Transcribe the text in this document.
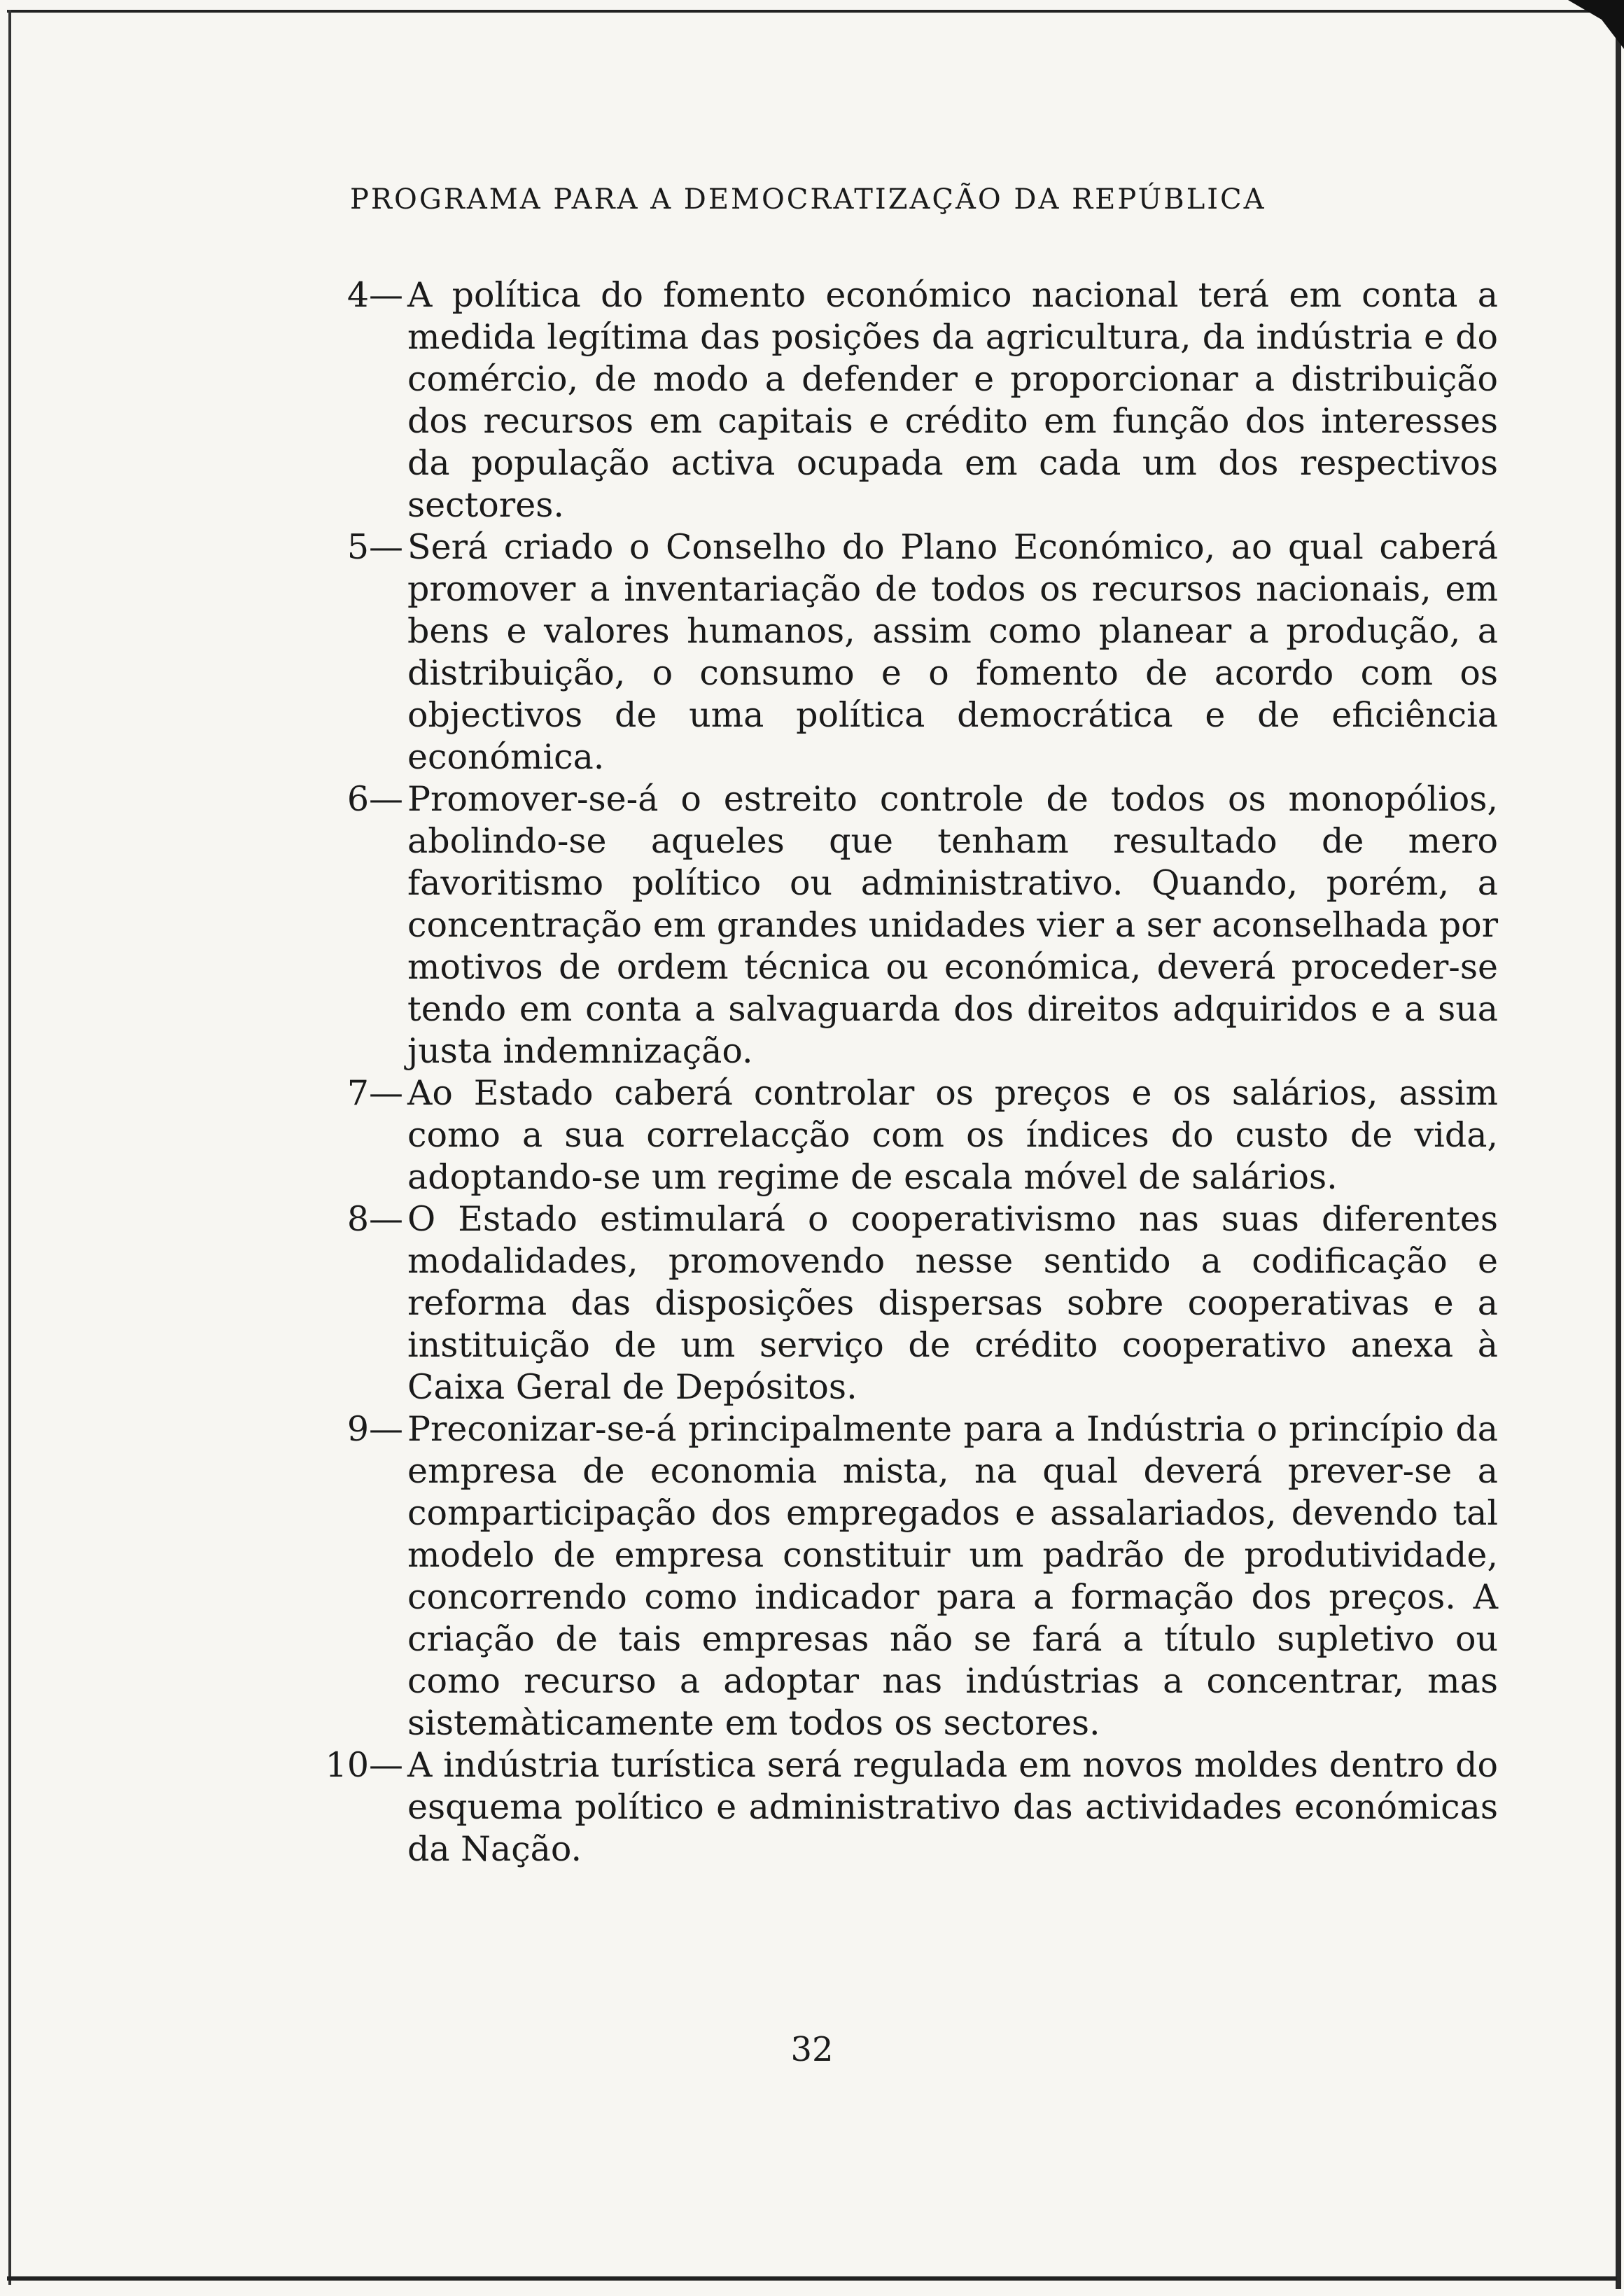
PROGRAMA PARA A DEMOCRATIZAÇÃO DA REPÚBLICA
4— A política do fomento económico nacional terá em conta a medida legítima das posições da agricultura, da indústria e do comércio, de modo a defender e proporcionar a distribuição dos recursos em capitais e crédito em função dos interesses da população activa ocupada em cada um dos respectivos sectores.
5— Será criado o Conselho do Plano Económico, ao qual caberá promover a inventariação de todos os recursos nacionais, em bens e valores humanos, assim como planear a produção, a distribuição, o consumo e o fomento de acordo com os objectivos de uma política democrática e de eficiência económica.
6— Promover-se-á o estreito controle de todos os monopólios, abolindo-se aqueles que tenham resultado de mero favoritismo político ou administrativo. Quando, porém, a concentração em grandes unidades vier a ser aconselhada por motivos de ordem técnica ou económica, deverá proceder-se tendo em conta a salvaguarda dos direitos adquiridos e a sua justa indemnização.
7— Ao Estado caberá controlar os preços e os salários, assim como a sua correlacção com os índices do custo de vida, adoptando-se um regime de escala móvel de salários.
8— O Estado estimulará o cooperativismo nas suas diferentes modalidades, promovendo nesse sentido a codificação e reforma das disposições dispersas sobre cooperativas e a instituição de um serviço de crédito cooperativo anexa à Caixa Geral de Depósitos.
9— Preconizar-se-á principalmente para a Indústria o princípio da empresa de economia mista, na qual deverá prever-se a comparticipação dos empregados e assalariados, devendo tal modelo de empresa constituir um padrão de produtividade, concorrendo como indicador para a formação dos preços. A criação de tais empresas não se fará a título supletivo ou como recurso a adoptar nas indústrias a concentrar, mas sistemàticamente em todos os sectores.
10— A indústria turística será regulada em novos moldes dentro do esquema político e administrativo das actividades económicas da Nação.
32
